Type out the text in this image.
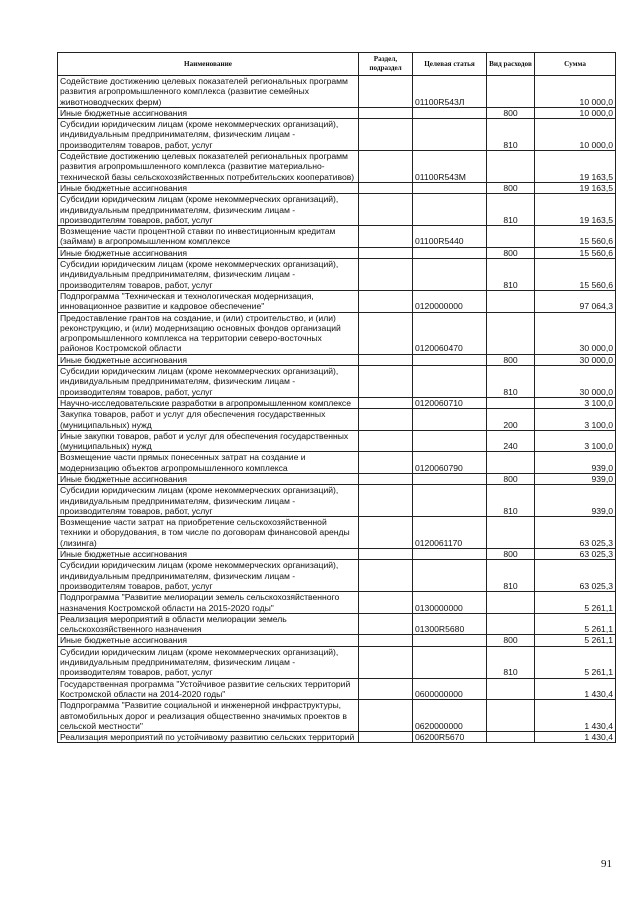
Наименование	Раздел, подраздел	Целевая статья	Вид расходов	Сумма
Содействие достижению целевых показателей региональных программ развития агропромышленного комплекса (развитие семейных животноводческих ферм)		01100R543Л		10 000,0
Иные бюджетные ассигнования			800	10 000,0
Субсидии юридическим лицам (кроме некоммерческих организаций), индивидуальным предпринимателям, физическим лицам - производителям товаров, работ, услуг			810	10 000,0
Содействие достижению целевых показателей региональных программ развития агропромышленного комплекса (развитие материально-технической базы сельскохозяйственных потребительских кооперативов)		01100R543M		19 163,5
Иные бюджетные ассигнования			800	19 163,5
Субсидии юридическим лицам (кроме некоммерческих организаций), индивидуальным предпринимателям, физическим лицам - производителям товаров, работ, услуг			810	19 163,5
Возмещение части процентной ставки по инвестиционным кредитам (займам) в агропромышленном комплексе		01100R5440		15 560,6
Иные бюджетные ассигнования			800	15 560,6
Субсидии юридическим лицам (кроме некоммерческих организаций), индивидуальным предпринимателям, физическим лицам - производителям товаров, работ, услуг			810	15 560,6
Подпрограмма "Техническая и технологическая модернизация, инновационное развитие и кадровое обеспечение"		0120000000		97 064,3
Предоставление грантов на создание, и (или) строительство, и (или) реконструкцию, и (или) модернизацию основных фондов организаций агропромышленного комплекса на территории северо-восточных районов Костромской области		0120060470		30 000,0
Иные бюджетные ассигнования			800	30 000,0
Субсидии юридическим лицам (кроме некоммерческих организаций), индивидуальным предпринимателям, физическим лицам - производителям товаров, работ, услуг			810	30 000,0
Научно-исследовательские разработки в агропромышленном комплексе		0120060710		3 100,0
Закупка товаров, работ и услуг для обеспечения государственных (муниципальных) нужд			200	3 100,0
Иные закупки товаров, работ и услуг для обеспечения государственных (муниципальных) нужд			240	3 100,0
Возмещение части прямых понесенных затрат на создание и модернизацию объектов агропромышленного комплекса		0120060790		939,0
Иные бюджетные ассигнования			800	939,0
Субсидии юридическим лицам (кроме некоммерческих организаций), индивидуальным предпринимателям, физическим лицам - производителям товаров, работ, услуг			810	939,0
Возмещение части затрат на приобретение сельскохозяйственной техники и оборудования, в том числе по договорам финансовой аренды (лизинга)		0120061170		63 025,3
Иные бюджетные ассигнования			800	63 025,3
Субсидии юридическим лицам (кроме некоммерческих организаций), индивидуальным предпринимателям, физическим лицам - производителям товаров, работ, услуг			810	63 025,3
Подпрограмма "Развитие мелиорации земель сельскохозяйственного назначения Костромской области на 2015-2020 годы"		0130000000		5 261,1
Реализация мероприятий в области мелиорации земель сельскохозяйственного назначения		01300R5680		5 261,1
Иные бюджетные ассигнования			800	5 261,1
Субсидии юридическим лицам (кроме некоммерческих организаций), индивидуальным предпринимателям, физическим лицам - производителям товаров, работ, услуг			810	5 261,1
Государственная программа "Устойчивое развитие сельских территорий Костромской области на 2014-2020 годы"		0600000000		1 430,4
Подпрограмма "Развитие социальной и инженерной инфраструктуры, автомобильных дорог и реализация общественно значимых проектов в сельской местности"		0620000000		1 430,4
Реализация мероприятий по устойчивому развитию сельских территорий		06200R5670		1 430,4
91
